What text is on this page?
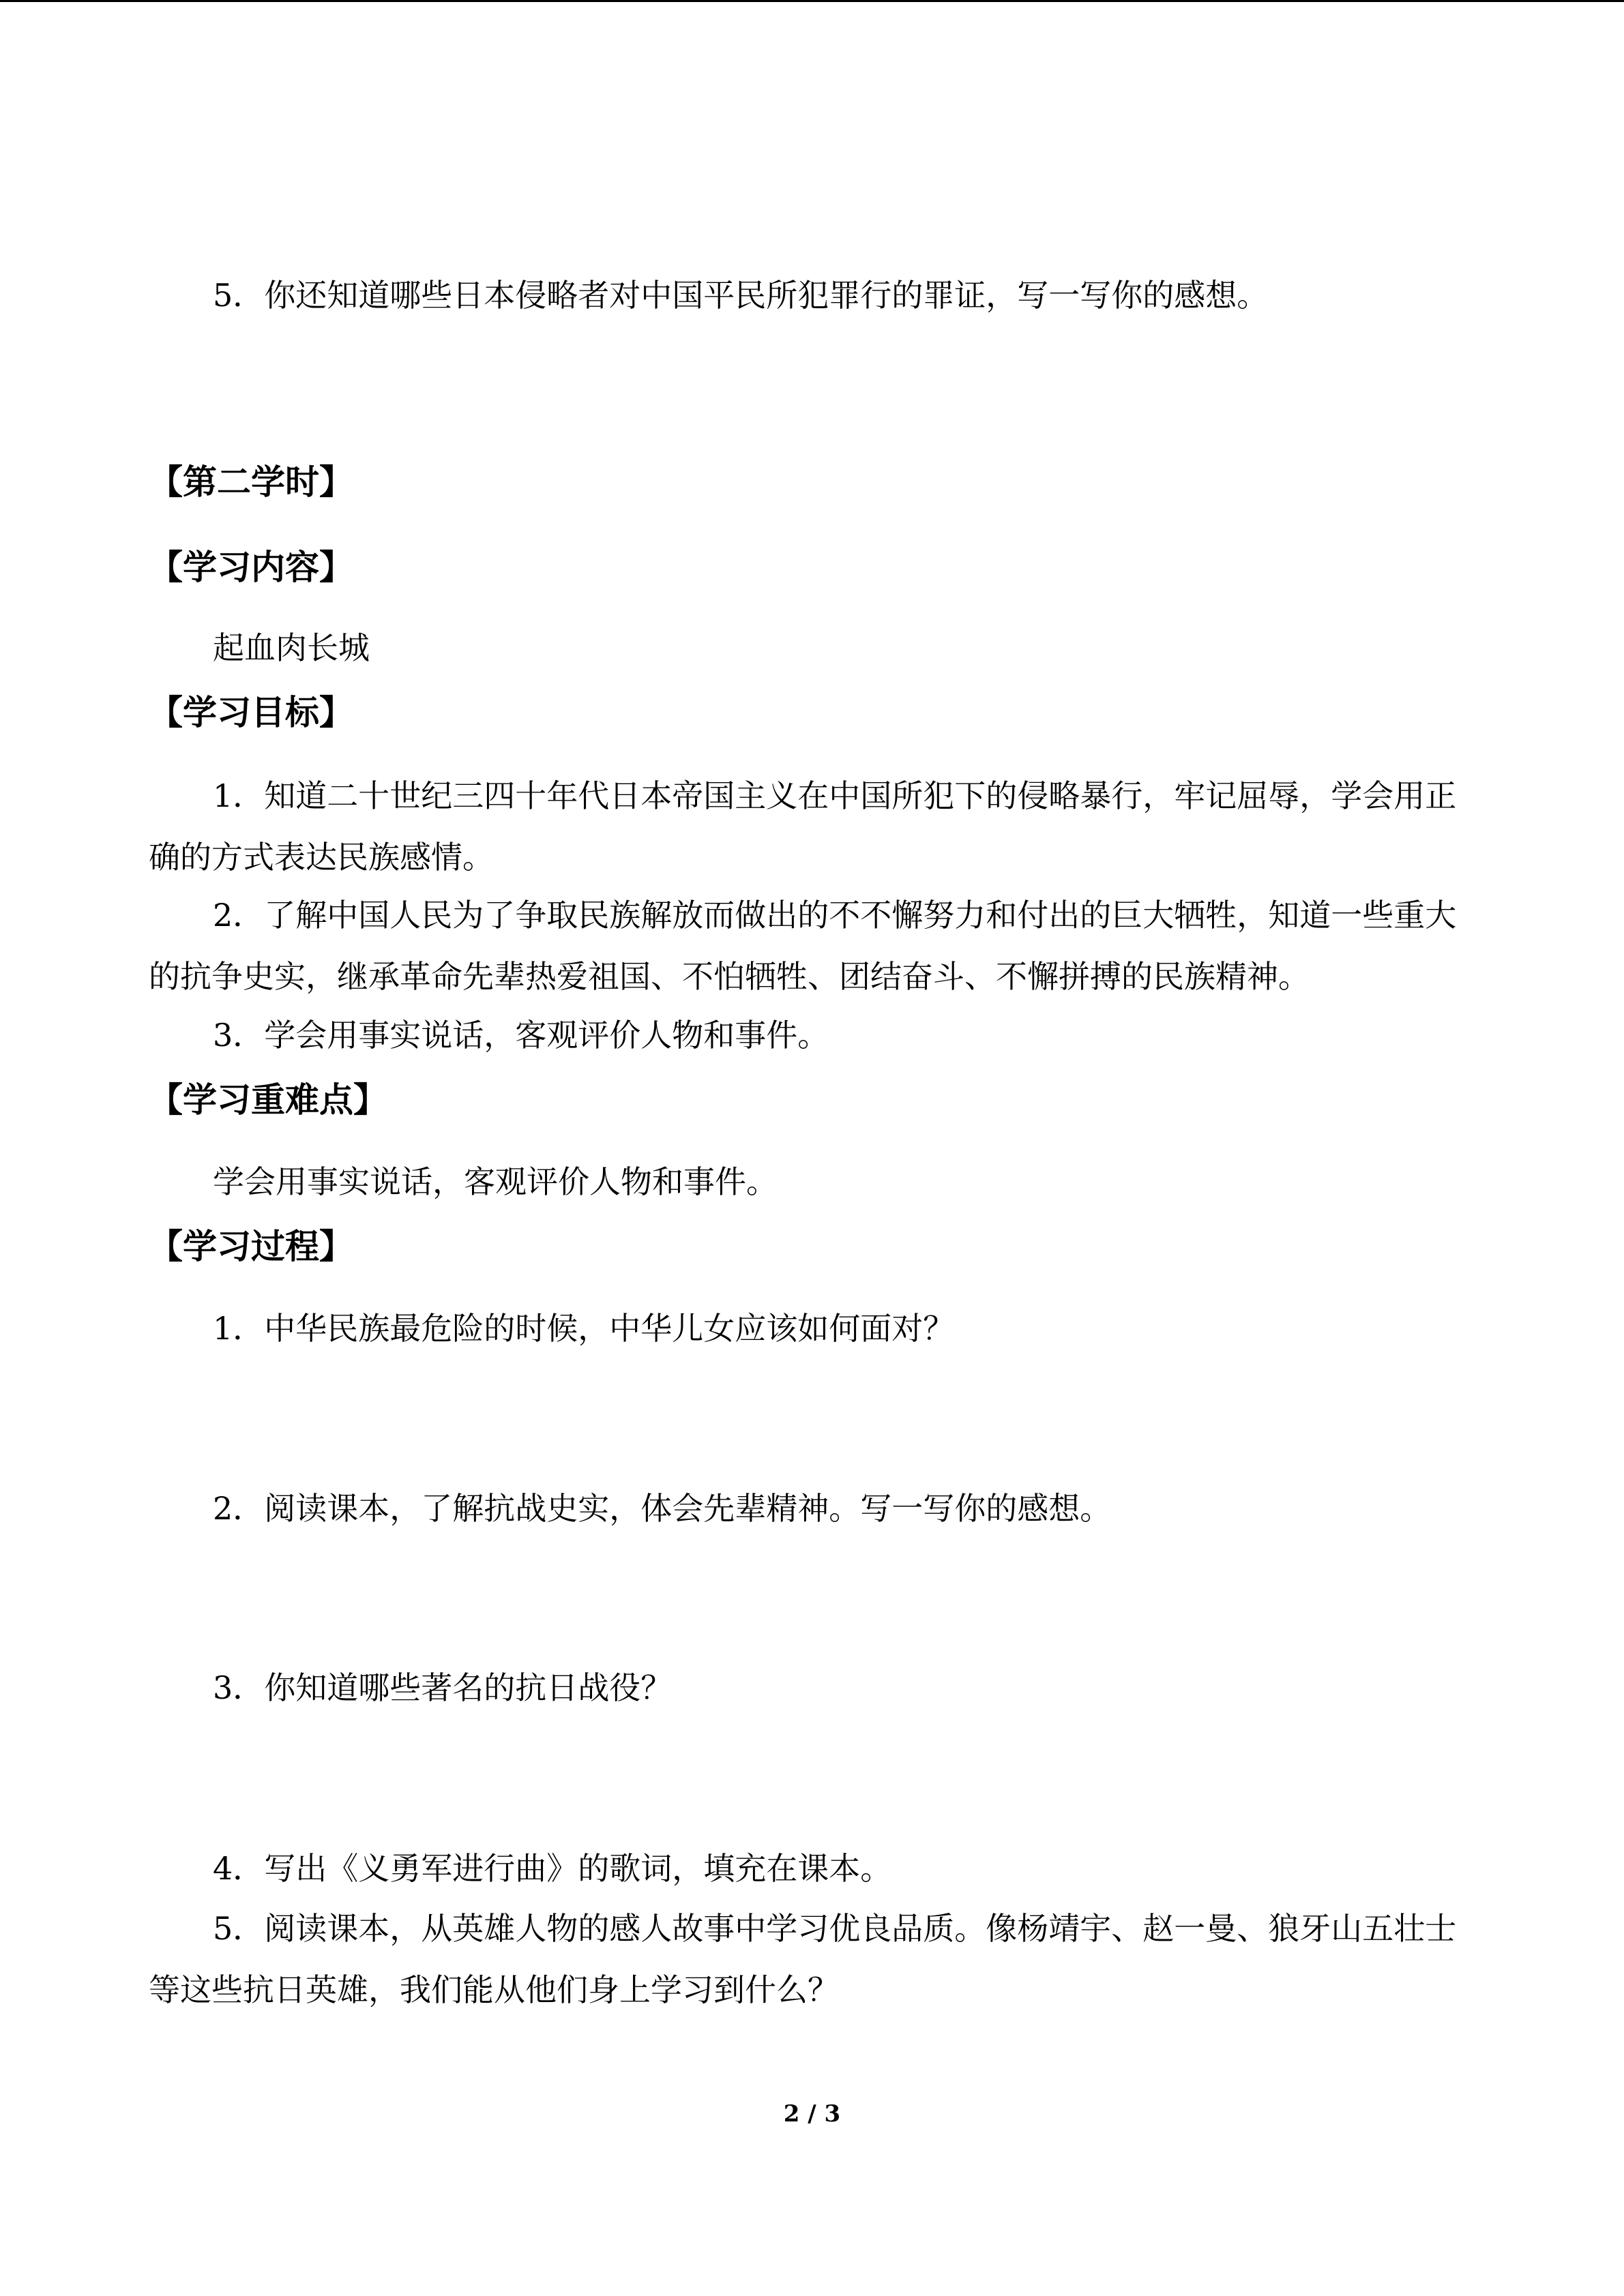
5．你还知道哪些日本侵略者对中国平民所犯罪行的罪证，写一写你的感想。

【第二学时】

【学习内容】

起血肉长城

【学习目标】

1．知道二十世纪三四十年代日本帝国主义在中国所犯下的侵略暴行，牢记屈辱，学会用正确的方式表达民族感情。

2．了解中国人民为了争取民族解放而做出的不不懈努力和付出的巨大牺牲，知道一些重大的抗争史实，继承革命先辈热爱祖国、不怕牺牲、团结奋斗、不懈拼搏的民族精神。

3．学会用事实说话，客观评价人物和事件。

【学习重难点】

学会用事实说话，客观评价人物和事件。

【学习过程】

1．中华民族最危险的时候，中华儿女应该如何面对？

2．阅读课本，了解抗战史实，体会先辈精神。写一写你的感想。

3．你知道哪些著名的抗日战役？

4．写出《义勇军进行曲》的歌词，填充在课本。

5．阅读课本，从英雄人物的感人故事中学习优良品质。像杨靖宇、赵一曼、狼牙山五壮士等这些抗日英雄，我们能从他们身上学习到什么？

2 / 3
